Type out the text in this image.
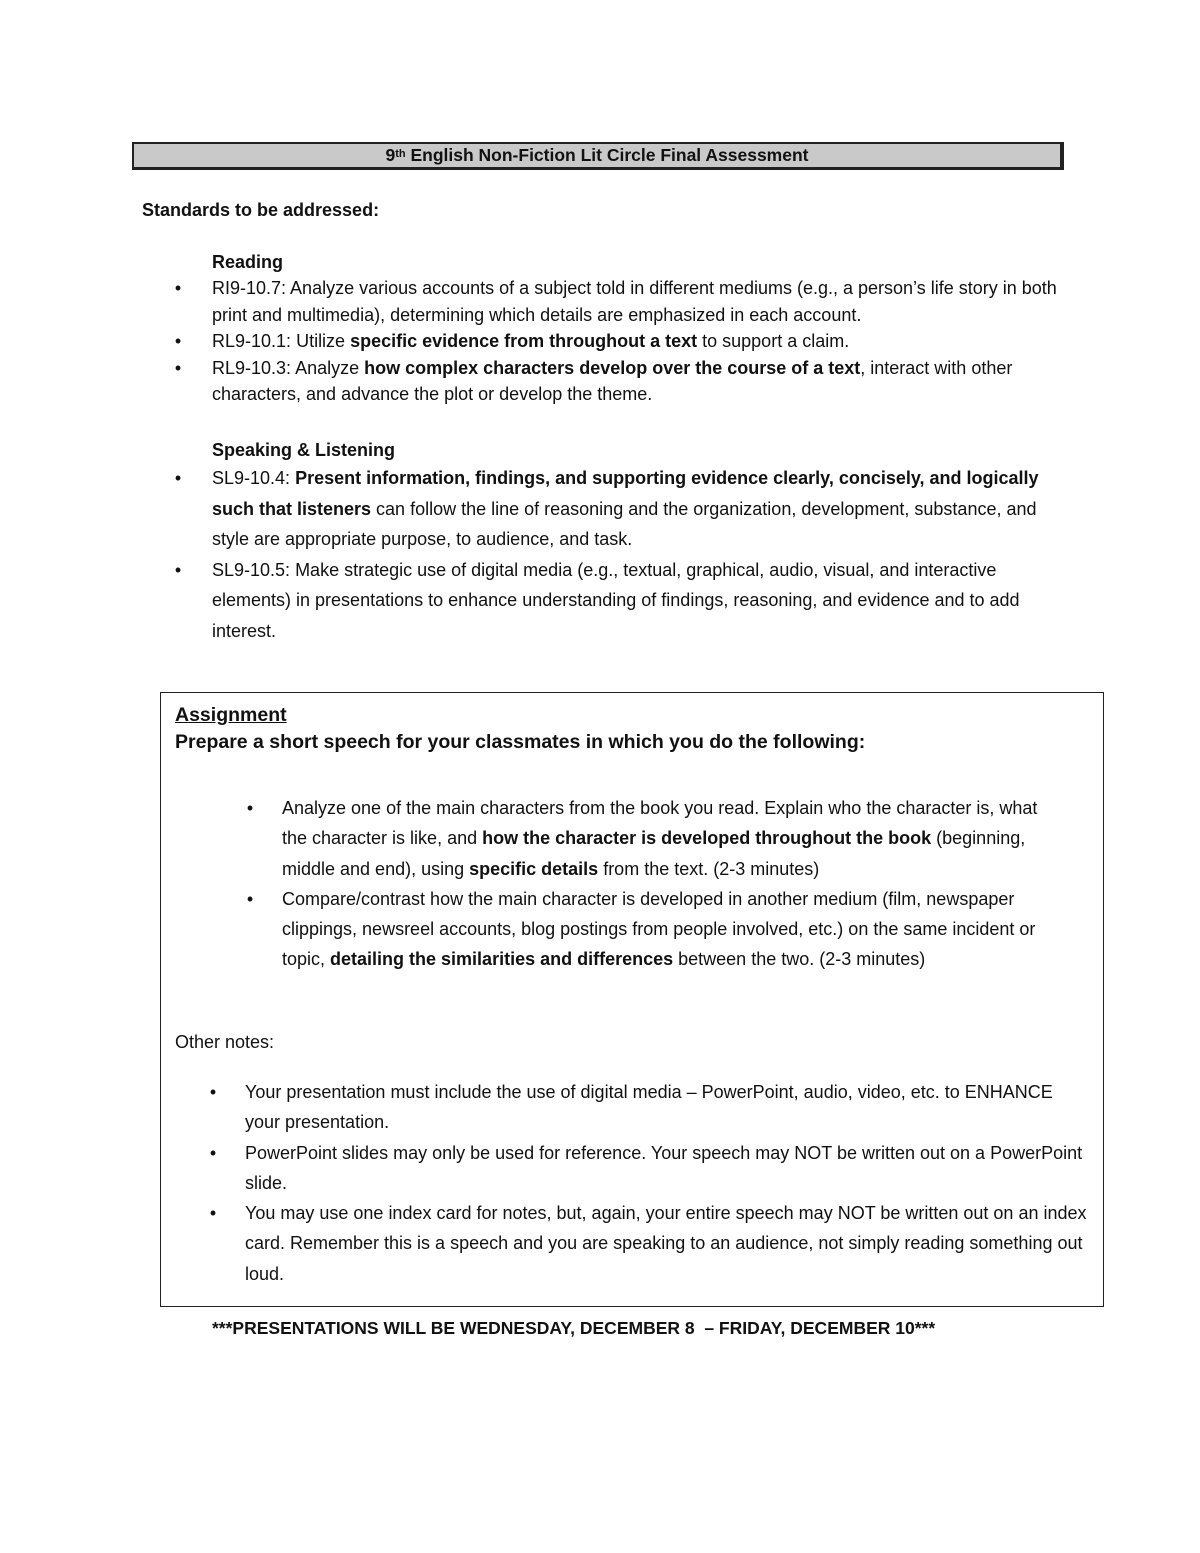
9th English Non-Fiction Lit Circle Final Assessment
Standards to be addressed:
Reading
• RI9-10.7: Analyze various accounts of a subject told in different mediums (e.g., a person’s life story in both print and multimedia), determining which details are emphasized in each account.
• RL9-10.1: Utilize specific evidence from throughout a text to support a claim.
• RL9-10.3: Analyze how complex characters develop over the course of a text, interact with other characters, and advance the plot or develop the theme.
Speaking & Listening
• SL9-10.4: Present information, findings, and supporting evidence clearly, concisely, and logically such that listeners can follow the line of reasoning and the organization, development, substance, and style are appropriate purpose, to audience, and task.
• SL9-10.5: Make strategic use of digital media (e.g., textual, graphical, audio, visual, and interactive elements) in presentations to enhance understanding of findings, reasoning, and evidence and to add interest.
Assignment
Prepare a short speech for your classmates in which you do the following:
• Analyze one of the main characters from the book you read. Explain who the character is, what the character is like, and how the character is developed throughout the book (beginning, middle and end), using specific details from the text. (2-3 minutes)
• Compare/contrast how the main character is developed in another medium (film, newspaper clippings, newsreel accounts, blog postings from people involved, etc.) on the same incident or topic, detailing the similarities and differences between the two. (2-3 minutes)
Other notes:
• Your presentation must include the use of digital media – PowerPoint, audio, video, etc. to ENHANCE your presentation.
• PowerPoint slides may only be used for reference. Your speech may NOT be written out on a PowerPoint slide.
• You may use one index card for notes, but, again, your entire speech may NOT be written out on an index card. Remember this is a speech and you are speaking to an audience, not simply reading something out loud.
***PRESENTATIONS WILL BE WEDNESDAY, DECEMBER 8  – FRIDAY, DECEMBER 10***
